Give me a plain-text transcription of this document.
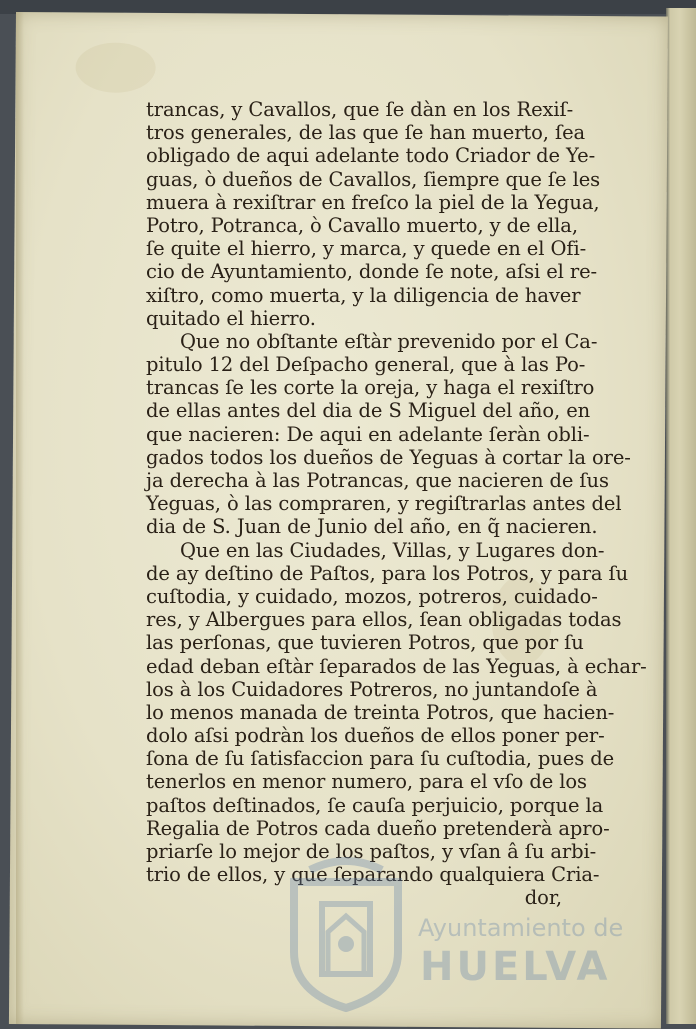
trancas, y Cavallos, que ſe dàn en los Rexiſ-
tros generales, de las que ſe han muerto, ſea
obligado de aqui adelante todo Criador de Ye-
guas, ò dueños de Cavallos, ſiempre que ſe les
muera à rexiſtrar en freſco la piel de la Yegua,
Potro, Potranca, ò Cavallo muerto, y de ella,
ſe quite el hierro, y marca, y quede en el Ofi-
cio de Ayuntamiento, donde ſe note, aſsi el re-
xiſtro, como muerta, y la diligencia de haver
quitado el hierro.
Que no obſtante eſtàr prevenido por el Ca-
pitulo 12 del Deſpacho general, que à las Po-
trancas ſe les corte la oreja, y haga el rexiſtro
de ellas antes del dia de S Miguel del año, en
que nacieren: De aqui en adelante ſeràn obli-
gados todos los dueños de Yeguas à cortar la ore-
ja derecha à las Potrancas, que nacieren de ſus
Yeguas, ò las compraren, y regiſtrarlas antes del
dia de S. Juan de Junio del año, en q̃ nacieren.
Que en las Ciudades, Villas, y Lugares don-
de ay deſtino de Paſtos, para los Potros, y para ſu
cuſtodia, y cuidado, mozos, potreros, cuidado-
res, y Albergues para ellos, ſean obligadas todas
las perſonas, que tuvieren Potros, que por ſu
edad deban eſtàr ſeparados de las Yeguas, à echar-
los à los Cuidadores Potreros, no juntandoſe à
lo menos manada de treinta Potros, que hacien-
dolo aſsi podràn los dueños de ellos poner per-
ſona de ſu ſatisfaccion para ſu cuſtodia, pues de
tenerlos en menor numero, para el vſo de los
paſtos deſtinados, ſe cauſa perjuicio, porque la
Regalia de Potros cada dueño pretenderà apro-
priarſe lo mejor de los paſtos, y vſan â ſu arbi-
trio de ellos, y que ſeparando qualquiera Cria-
dor,
Ayuntamiento de
HUELVA
